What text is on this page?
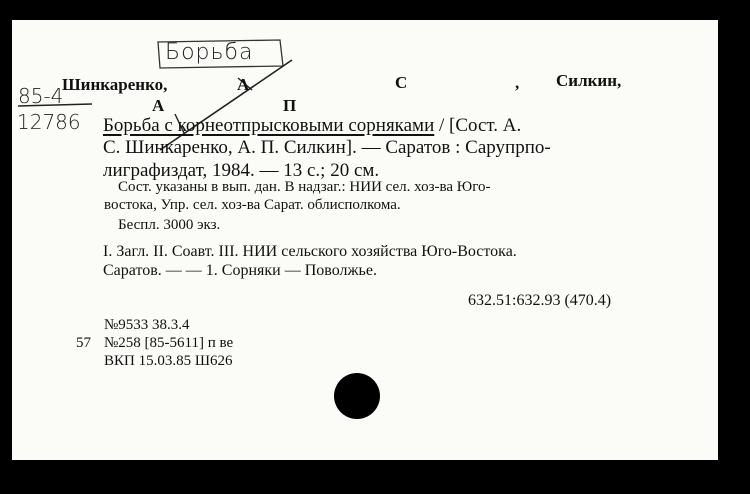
Борьба
85-4
12786
Шинкаренко,	А	С	, Силкин,
А	П
Борьба с корнеотпрысковыми сорняками / [Сост. А.
С. Шинкаренко, А. П. Силкин]. — Саратов : Сарупрпо-
лиграфиздат, 1984. — 13 с.; 20 см.
Сост. указаны в вып. дан. В надзаг.: НИИ сел. хоз-ва Юго-
востока, Упр. сел. хоз-ва Сарат. облисполкома.
Беспл. 3000 экз.
I. Загл. II. Соавт. III. НИИ сельского хозяйства Юго-Востока.
Саратов. — — 1. Сорняки — Поволжье.
632.51:632.93 (470.4)
№9533 38.3.4
57 №258 [85-5611] п ве
ВКП 15.03.85 Ш626
